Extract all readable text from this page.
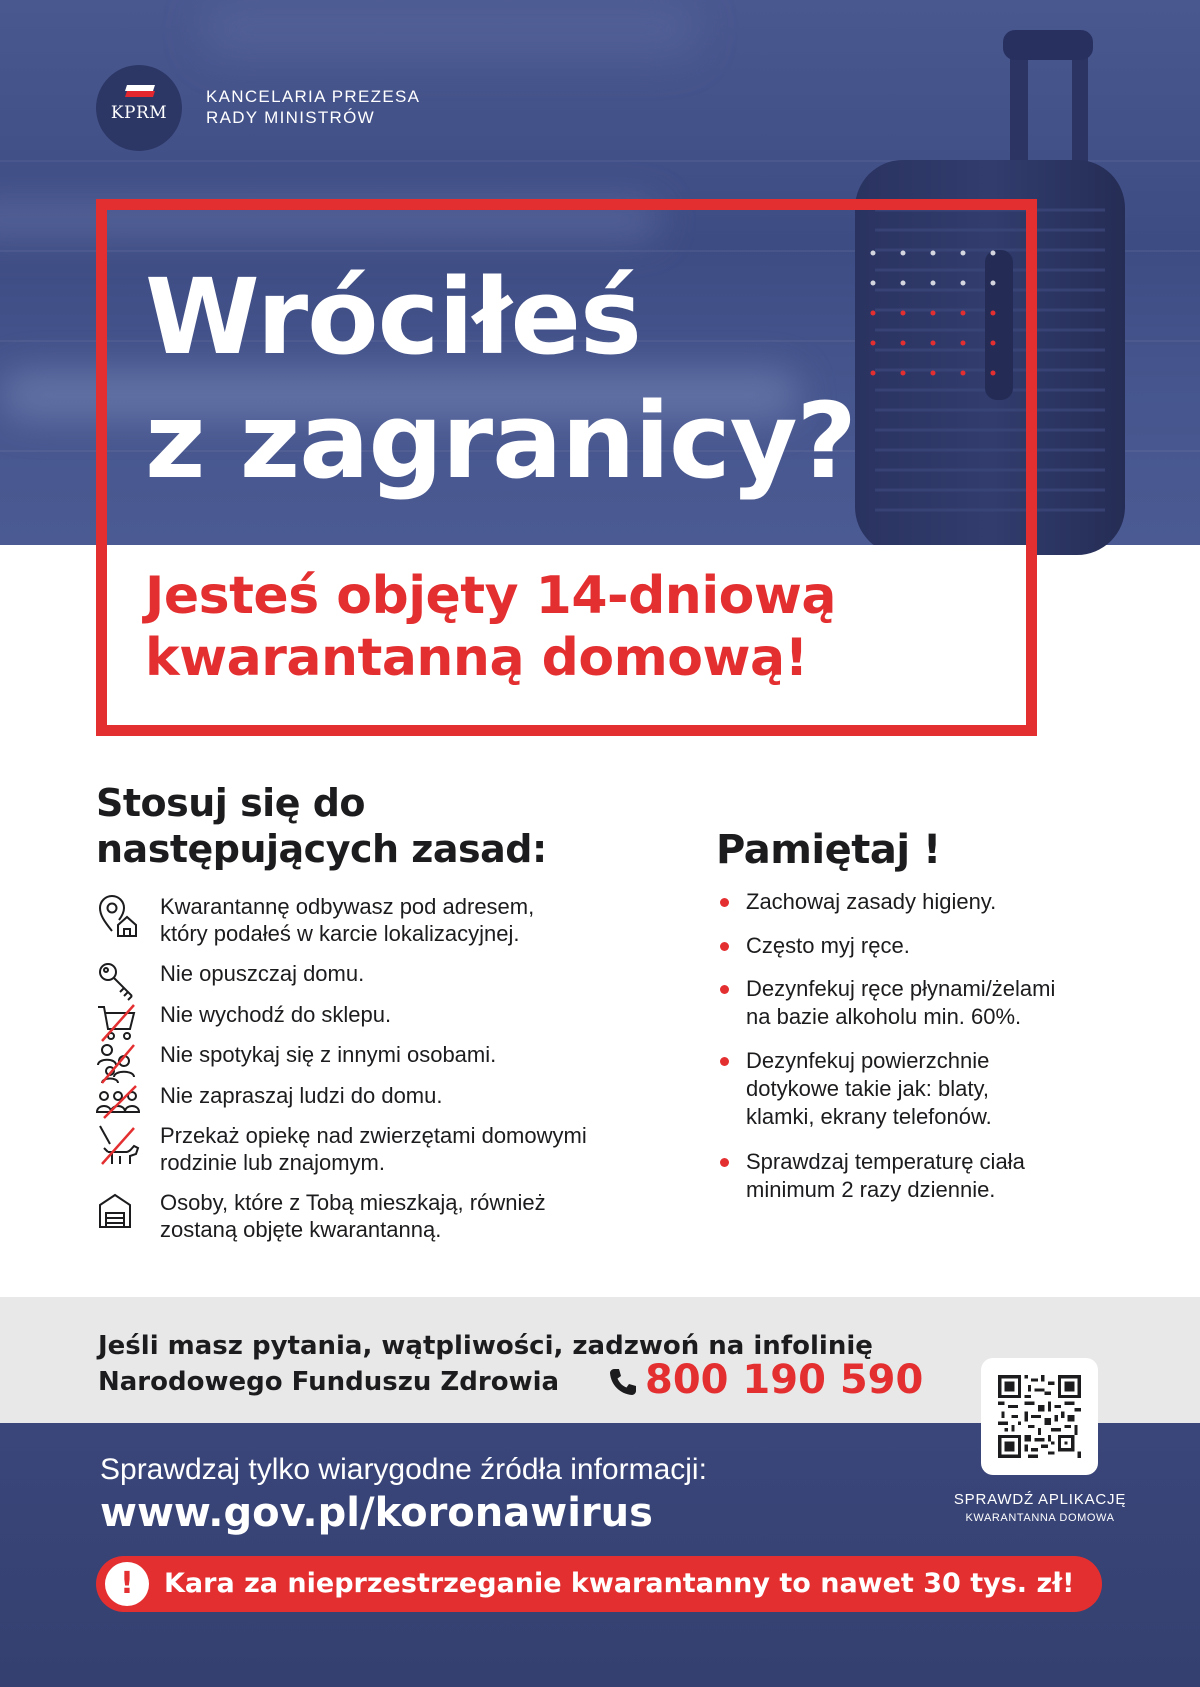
KPRM
KANCELARIA PREZESA
RADY MINISTRÓW
Wróciłeś
z zagranicy?
Jesteś objęty 14-dniową
kwarantanną domową!
Stosuj się do
następujących zasad:
Kwarantannę odbywasz pod adresem,
który podałeś w karcie lokalizacyjnej.
Nie opuszczaj domu.
Nie wychodź do sklepu.
Nie spotykaj się z innymi osobami.
Nie zapraszaj ludzi do domu.
Przekaż opiekę nad zwierzętami domowymi
rodzinie lub znajomym.
Osoby, które z Tobą mieszkają, również
zostaną objęte kwarantanną.
Pamiętaj !
Zachowaj zasady higieny.
Często myj ręce.
Dezynfekuj ręce płynami/żelami
na bazie alkoholu min. 60%.
Dezynfekuj powierzchnie
dotykowe takie jak: blaty,
klamki, ekrany telefonów.
Sprawdzaj temperaturę ciała
minimum 2 razy dziennie.
Jeśli masz pytania, wątpliwości, zadzwoń na infolinię
Narodowego Funduszu Zdrowia	800 190 590
Sprawdzaj tylko wiarygodne źródła informacji:
www.gov.pl/koronawirus	SPRAWDŹ APLIKACJĘ
KWARANTANNA DOMOWA
!	Kara za nieprzestrzeganie kwarantanny to nawet 30 tys. zł!
